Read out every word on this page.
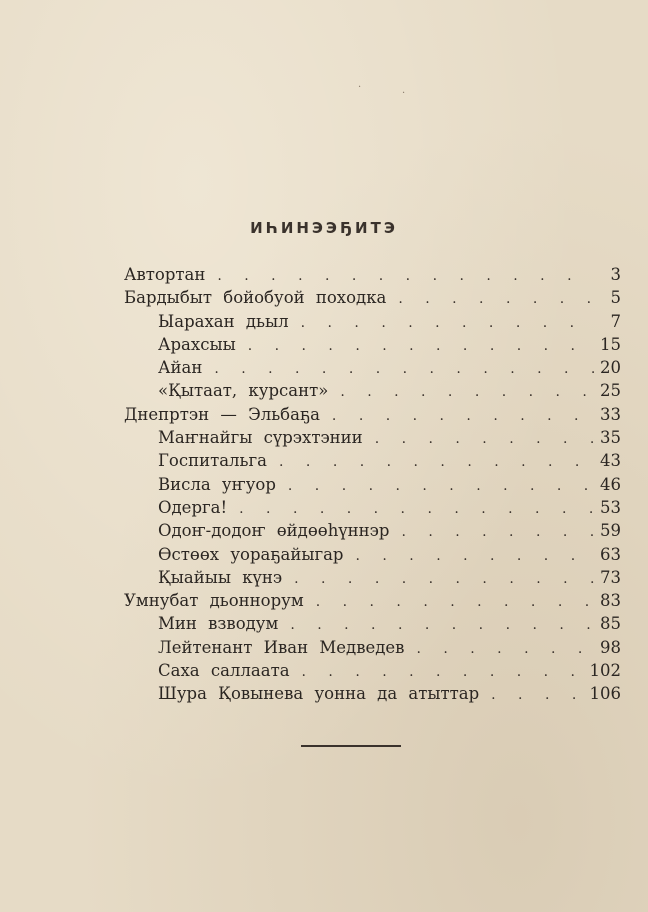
·
·
ИҺИНЭЭҔИТЭ
Автортан . . .	3
Бардыбыт бойобуой походка . . .	5
Ыарахан дьыл . . .	7
Арахсыы . . .	15
Айан . . .	20
«Қытаат, курсант» . . .	25
Днепртэн — Эльбаҕа . . .	33
Маҥнайгы сүрэхтэнии . . .	35
Госпитальга . . .	43
Висла уҥуор . . .	46
Одерга! . . .	53
Одоҥ-додоҥ өйдөөһүннэр . . .	59
Өстөөх уораҕайыгар . . .	63
Қыайыы күнэ . . .	73
Умнубат дьоннорум . . .	83
Мин взводум . . .	85
Лейтенант Иван Медведев . . .	98
Саха саллаата . . .	102
Шура Қовынева уонна да атыттар . . .	106
